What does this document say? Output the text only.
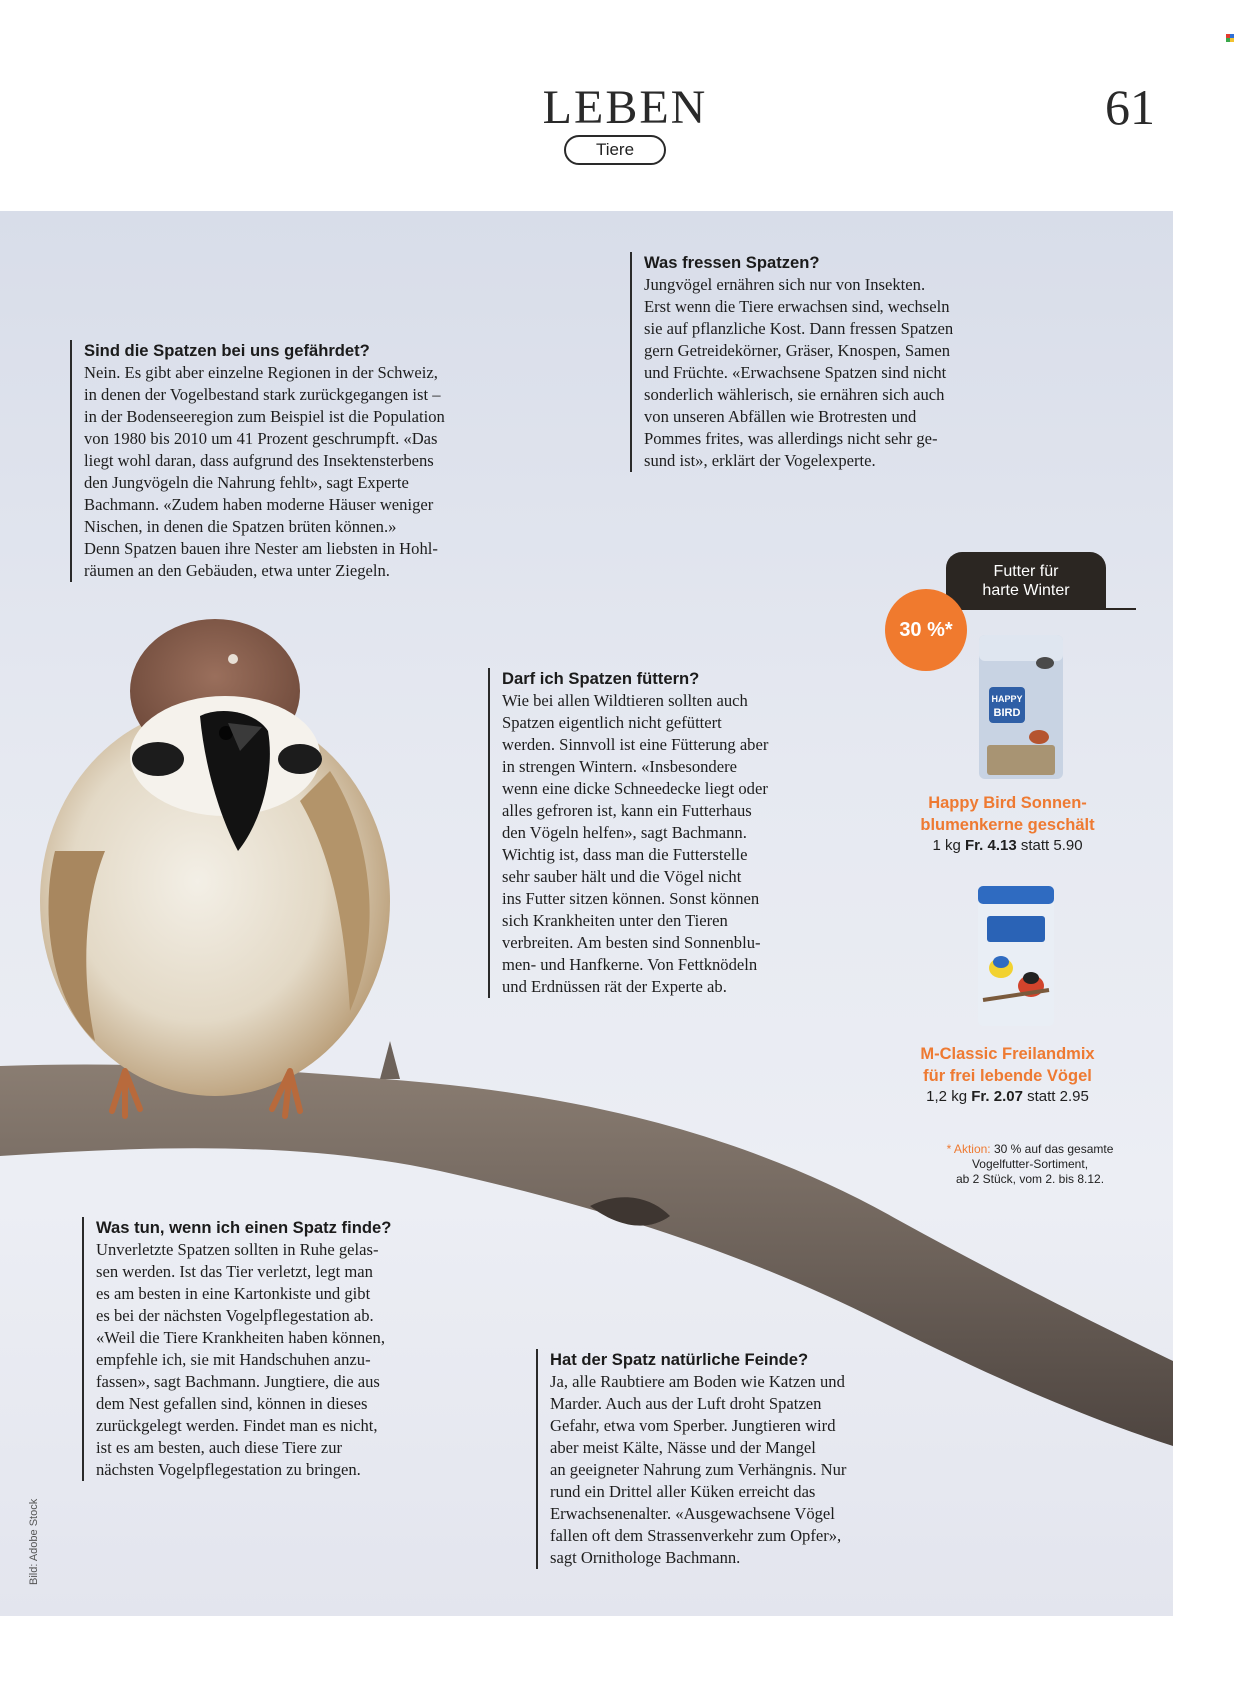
LEBEN
Tiere
61
Was fressen Spatzen?

Jungvögel ernähren sich nur von Insekten.

Erst wenn die Tiere erwachsen sind, wechseln

sie auf pflanzliche Kost. Dann fressen Spatzen

gern Getreidekörner, Gräser, Knospen, Samen

und Früchte. «Erwachsene Spatzen sind nicht

sonderlich wählerisch, sie ernähren sich auch

von unseren Abfällen wie Brotresten und

Pommes frites, was allerdings nicht sehr ge-

sund ist», erklärt der Vogelexperte.

Sind die Spatzen bei uns gefährdet?

Nein. Es gibt aber einzelne Regionen in der Schweiz,

in denen der Vogelbestand stark zurückgegangen ist –

in der Bodenseeregion zum Beispiel ist die Population

von 1980 bis 2010 um 41 Prozent geschrumpft. «Das

liegt wohl daran, dass aufgrund des Insektensterbens

den Jungvögeln die Nahrung fehlt», sagt Experte

Bachmann. «Zudem haben moderne Häuser weniger

Nischen, in denen die Spatzen brüten können.»

Denn Spatzen bauen ihre Nester am liebsten in Hohl-

räumen an den Gebäuden, etwa unter Ziegeln.

Darf ich Spatzen füttern?

Wie bei allen Wildtieren sollten auch

Spatzen eigentlich nicht gefüttert

werden. Sinnvoll ist eine Fütterung aber

in strengen Wintern. «Insbesondere

wenn eine dicke Schneedecke liegt oder

alles gefroren ist, kann ein Futterhaus

den Vögeln helfen», sagt Bachmann.

Wichtig ist, dass man die Futterstelle

sehr sauber hält und die Vögel nicht

ins Futter sitzen können. Sonst können

sich Krankheiten unter den Tieren

verbreiten. Am besten sind Sonnenblu-

men- und Hanfkerne. Von Fettknödeln

und Erdnüssen rät der Experte ab.

Was tun, wenn ich einen Spatz finde?

Unverletzte Spatzen sollten in Ruhe gelas-

sen werden. Ist das Tier verletzt, legt man

es am besten in eine Kartonkiste und gibt

es bei der nächsten Vogelpflegestation ab.

«Weil die Tiere Krankheiten haben können,

empfehle ich, sie mit Handschuhen anzu-

fassen», sagt Bachmann. Jungtiere, die aus

dem Nest gefallen sind, können in dieses

zurückgelegt werden. Findet man es nicht,

ist es am besten, auch diese Tiere zur

nächsten Vogelpflegestation zu bringen.

Hat der Spatz natürliche Feinde?

Ja, alle Raubtiere am Boden wie Katzen und

Marder. Auch aus der Luft droht Spatzen

Gefahr, etwa vom Sperber. Jungtieren wird

aber meist Kälte, Nässe und der Mangel

an geeigneter Nahrung zum Verhängnis. Nur

rund ein Drittel aller Küken erreicht das

Erwachsenenalter. «Ausgewachsene Vögel

fallen oft dem Strassenverkehr zum Opfer»,

sagt Ornithologe Bachmann.

Futter für
harte Winter
30 %*
HAPPY
BIRD
Happy Bird Sonnen-
blumenkerne geschält
1 kg Fr. 4.13 statt 5.90
M-Classic Freilandmix
für frei lebende Vögel
1,2 kg Fr. 2.07 statt 2.95
* Aktion: 30 % auf das gesamte
Vogelfutter-Sortiment,
ab 2 Stück, vom 2. bis 8.12.
Bild: Adobe Stock
